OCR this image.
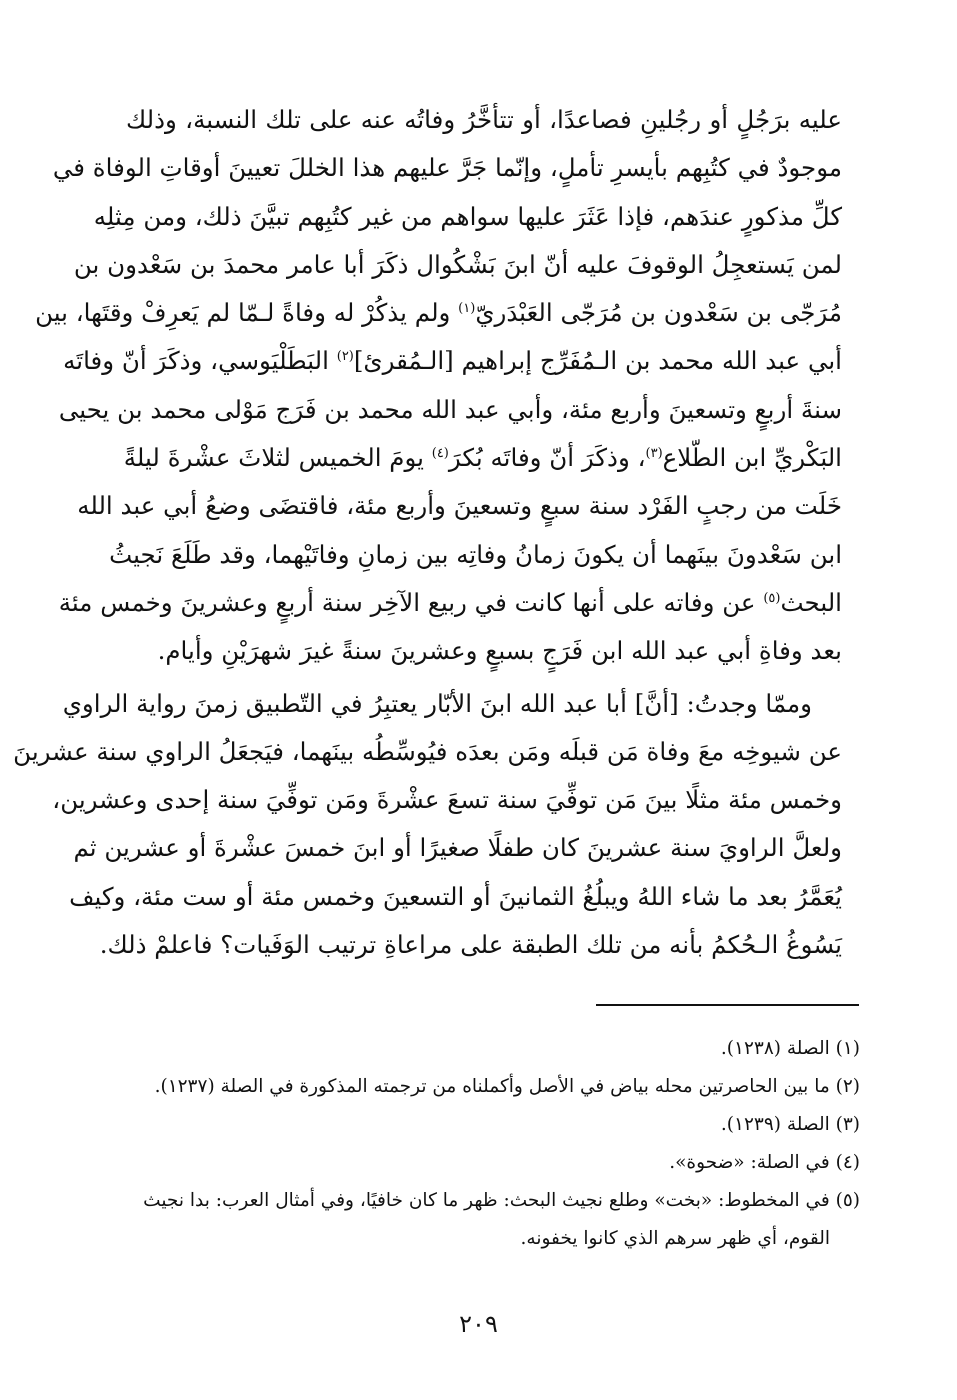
عليه برَجُلٍ أو رجُلينِ فصاعدًا، أو تتأخَّرُ وفاتُه عنه على تلك النسبة، وذلك
موجودٌ في كتُبِهم بأيسرِ تأملٍ، وإنّما جَرَّ عليهم هذا الخللَ تعيينَ أوقاتِ الوفاة في
كلِّ مذكورٍ عندَهم، فإذا عَثَرَ عليها سواهم من غير كتُبِهم تبيَّنَ ذلك، ومن مِثلِه
لمن يَستعجِلُ الوقوفَ عليه أنّ ابنَ بَشْكُوال ذكَرَ أبا عامر محمدَ بن سَعْدون بن
مُرَجّى بن سَعْدون بن مُرَجّى العَبْدَريّ$^{(١)}$ ولم يذكُرْ له وفاةً لـمّا لم يَعرِفْ وقتَها، بين
أبي عبد الله محمد بن الـمُفَرِّج إبراهيم [الـمُقرئ]$^{(٢)}$ البَطَلْيَوسي، وذكَرَ أنّ وفاتَه
سنةَ أربعٍ وتسعينَ وأربع مئة، وأبي عبد الله محمد بن فَرَج مَوْلى محمد بن يحيى
البَكْريِّ ابن الطّلاع$^{(٣)}$، وذكَرَ أنّ وفاتَه بُكرَ$^{(٤)}$ يومَ الخميس لثلاثَ عشْرةَ ليلةً
خَلَت من رجبٍ الفَرْد سنة سبعٍ وتسعينَ وأربع مئة، فاقتضَى وضعُ أبي عبد الله
ابن سَعْدونَ بينَهما أن يكونَ زمانُ وفاتِه بين زمانِ وفاتَيْهما، وقد طَلَعَ نَجيثُ
البحث$^{(٥)}$ عن وفاته على أنها كانت في ربيع الآخِر سنة أربعٍ وعشرينَ وخمس مئة
بعد وفاةِ أبي عبد الله ابن فَرَجٍ بسبعٍ وعشرينَ سنةً غيرَ شهرَيْنِ وأيام.
وممّا وجدتُ: [أنَّ] أبا عبد الله ابنَ الأبّار يعتبِرُ في التّطبيق زمنَ رواية الراوي
عن شيوخِه معَ وفاة مَن قبلَه ومَن بعدَه فيُوسِّطُه بينَهما، فيَجعَلُ الراوي سنة عشرينَ
وخمس مئة مثلًا بينَ مَن توفِّيَ سنة تسعَ عشْرةَ ومَن توفِّيَ سنة إحدى وعشرين،
ولعلَّ الراويَ سنة عشرينَ كان طفلًا صغيرًا أو ابنَ خمسَ عشْرةَ أو عشرين ثم
يُعَمَّرُ بعد ما شاء اللهُ ويبلُغُ الثمانينَ أو التسعينَ وخمس مئة أو ست مئة، وكيف
يَسُوغُ الـحُكمُ بأنه من تلك الطبقة على مراعاةِ ترتيب الوَفَيات؟ فاعلمْ ذلك.
(١) الصلة (١٢٣٨).
(٢) ما بين الحاصرتين محله بياض في الأصل وأكملناه من ترجمته المذكورة في الصلة (١٢٣٧).
(٣) الصلة (١٢٣٩).
(٤) في الصلة: «ضحوة».
(٥) في المخطوط: «بخت» وطلع نجيث البحث: ظهر ما كان خافيًا، وفي أمثال العرب: بدا نجيث
القوم، أي ظهر سرهم الذي كانوا يخفونه.
٢٠٩
